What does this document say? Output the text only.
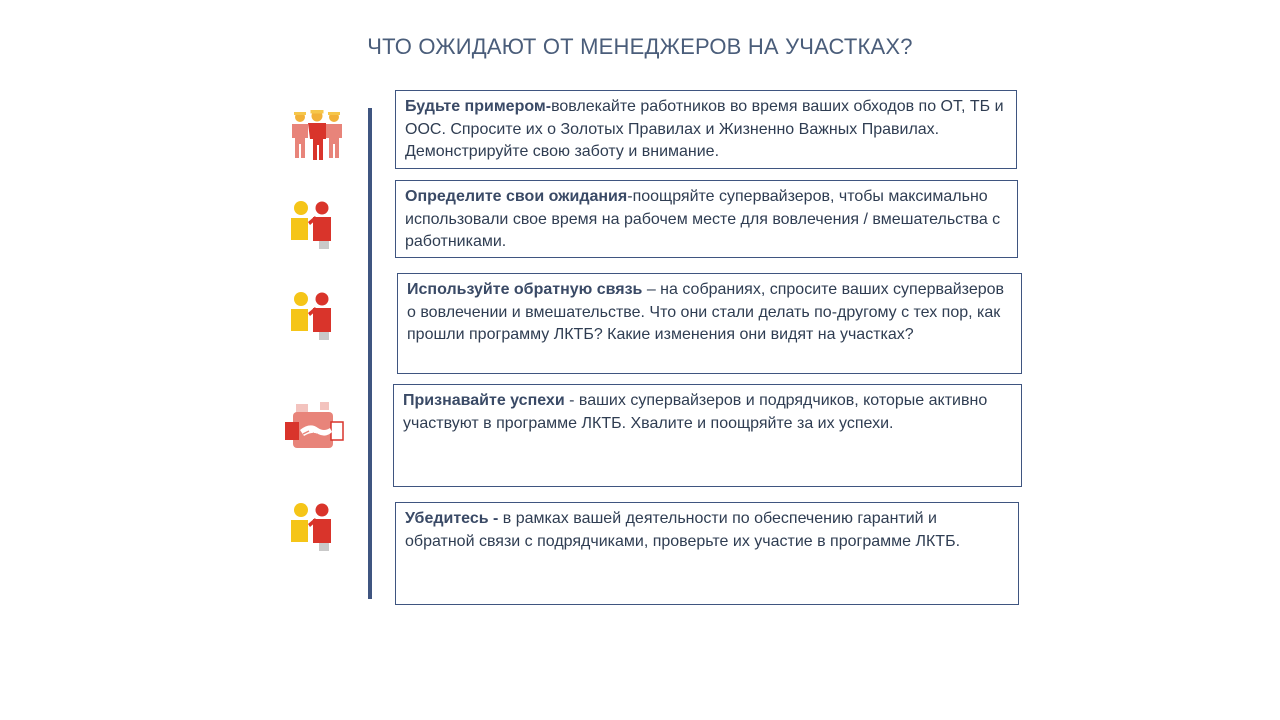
ЧТО ОЖИДАЮТ ОТ МЕНЕДЖЕРОВ НА УЧАСТКАХ?
Будьте примером-вовлекайте работников во время ваших обходов по ОТ, ТБ и ООС. Спросите их о Золотых Правилах и Жизненно Важных Правилах. Демонстрируйте свою заботу и внимание.
Определите свои ожидания-поощряйте супервайзеров, чтобы максимально использовали свое время на рабочем месте для вовлечения / вмешательства с работниками.
Используйте обратную связь – на собраниях, спросите ваших супервайзеров о вовлечении и вмешательстве. Что они стали делать по-другому с тех пор, как прошли программу ЛКТБ? Какие изменения они видят на участках?
Признавайте успехи - ваших супервайзеров и подрядчиков, которые активно участвуют в программе ЛКТБ. Хвалите и поощряйте за их успехи.
Убедитесь - в рамках вашей деятельности по обеспечению гарантий и обратной связи с подрядчиками, проверьте их участие в программе ЛКТБ.
